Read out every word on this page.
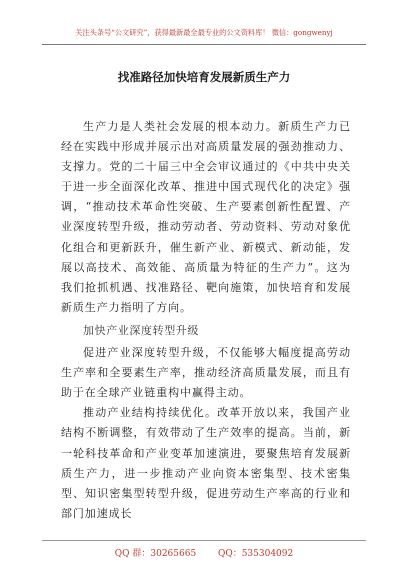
关注头条号“公文研究”，获得最新最全最专业的公文资料库！ 微信：gongwenyj
找准路径加快培育发展新质生产力

生产力是人类社会发展的根本动力。新质生产力已经在实践中形成并展示出对高质量发展的强劲推动力、支撑力。党的二十届三中全会审议通过的《中共中央关于进一步全面深化改革、推进中国式现代化的决定》强调，“推动技术革命性突破、生产要素创新性配置、产业深度转型升级，推动劳动者、劳动资料、劳动对象优化组合和更新跃升，催生新产业、新模式、新动能，发展以高技术、高效能、高质量为特征的生产力”。这为我们抢抓机遇、找准路径、靶向施策，加快培育和发展新质生产力指明了方向。

加快产业深度转型升级

促进产业深度转型升级，不仅能够大幅度提高劳动生产率和全要素生产率，推动经济高质量发展，而且有助于在全球产业链重构中赢得主动。

推动产业结构持续优化。改革开放以来，我国产业结构不断调整，有效带动了生产效率的提高。当前，新一轮科技革命和产业变革加速演进，要聚焦培育发展新质生产力，进一步推动产业向资本密集型、技术密集型、知识密集型转型升级，促进劳动生产率高的行业和部门加速成长

QQ 群：30265665 QQ：535304092
